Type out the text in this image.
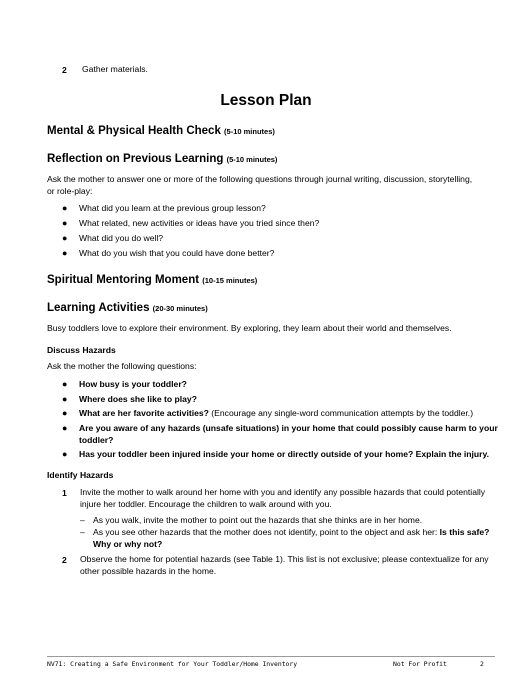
2 Gather materials.
Lesson Plan
Mental & Physical Health Check (5-10 minutes)
Reflection on Previous Learning (5-10 minutes)
Ask the mother to answer one or more of the following questions through journal writing, discussion, storytelling, or role-play:
● What did you learn at the previous group lesson?
● What related, new activities or ideas have you tried since then?
● What did you do well?
● What do you wish that you could have done better?
Spiritual Mentoring Moment (10-15 minutes)
Learning Activities (20-30 minutes)
Busy toddlers love to explore their environment. By exploring, they learn about their world and themselves.
Discuss Hazards
Ask the mother the following questions:
● How busy is your toddler?
● Where does she like to play?
● What are her favorite activities? (Encourage any single-word communication attempts by the toddler.)
● Are you aware of any hazards (unsafe situations) in your home that could possibly cause harm to your toddler?
● Has your toddler been injured inside your home or directly outside of your home? Explain the injury.
Identify Hazards
1 Invite the mother to walk around her home with you and identify any possible hazards that could potentially injure her toddler. Encourage the children to walk around with you.
– As you walk, invite the mother to point out the hazards that she thinks are in her home.
– As you see other hazards that the mother does not identify, point to the object and ask her: Is this safe? Why or why not?
2 Observe the home for potential hazards (see Table 1). This list is not exclusive; please contextualize for any other possible hazards in the home.
NV71: Creating a Safe Environment for Your Toddler/Home Inventory	Not For Profit	2
